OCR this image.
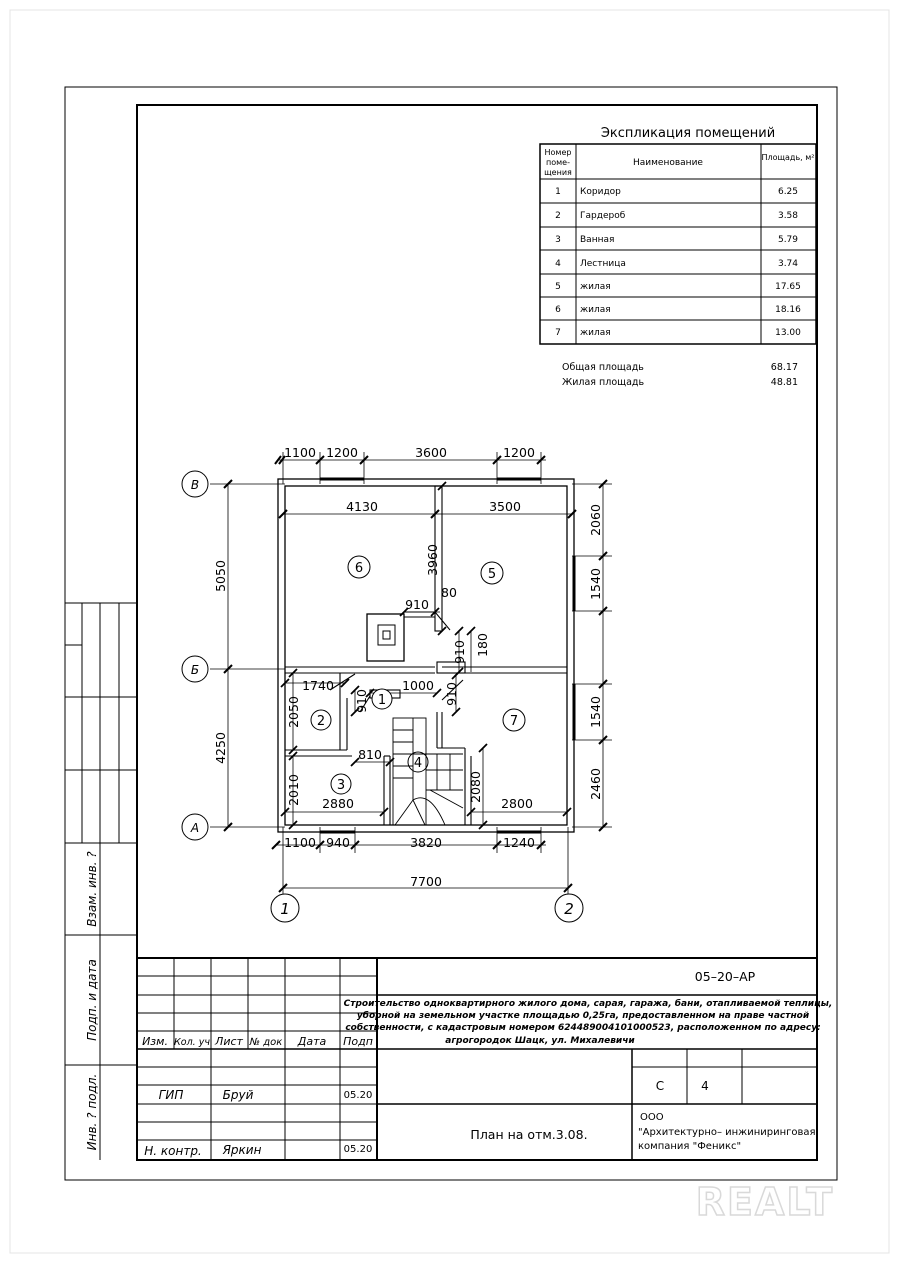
Экспликация помещений
Номер
поме-
щения
Наименование
Площадь, м²
1 Коридор	6.25
2 Гардероб	3.58
3 Ванная	5.79
4 Лестница	3.74
5 жилая	17.65
6 жилая	18.16
7 жилая	13.00
Общая площадь	68.17
Жилая площадь	48.81
1100 1200	3600	1200
4130	3500	2060
1540
1540
2460
5050
4250
1100 940	3820	1240
7700
3960
910
80
910 180
1740	1000
910	910
2050
810
2010 2880
2080
2800
В
Б
А
1	2
1
2
3
4
5
6
7
Инв. ? подл.
Подп. и дата
Взам. инв. ?
05–20–АР
Строительство одноквартирного жилого дома, сарая, гаража, бани, отапливаемой теплицы,
уборной на земельном участке площадью 0,25га, предоставленном на праве частной
собственности, с кадастровым номером 624489004101000523, расположенном по адресу:
агрогородок Шацк, ул. Михалевичи
Изм. Кол. уч Лист № док Дата Подп
ГИП	Бруй	05.20
Н. контр. Яркин	05.20
План на отм.3.08.
С	4
ООО
"Архитектурно– инжиниринговая
компания "Феникс"
REALT
